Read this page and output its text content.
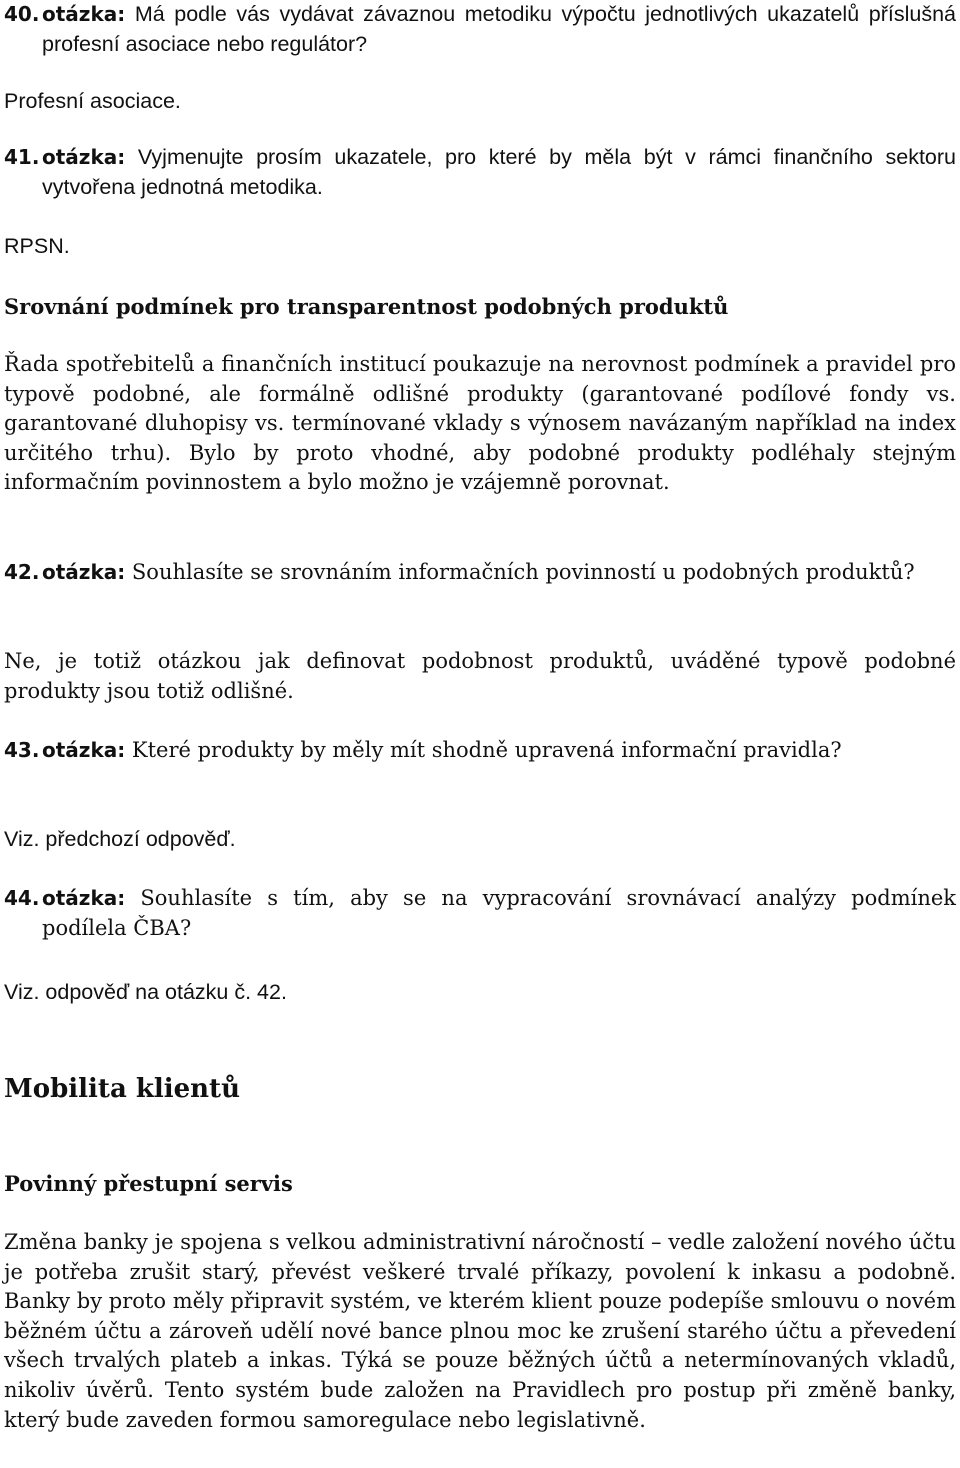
40. otázka: Má podle vás vydávat závaznou metodiku výpočtu jednotlivých ukazatelů příslušná profesní asociace nebo regulátor?
Profesní asociace.
41. otázka: Vyjmenujte prosím ukazatele, pro které by měla být v rámci finančního sektoru vytvořena jednotná metodika.
RPSN.
Srovnání podmínek pro transparentnost podobných produktů
Řada spotřebitelů a finančních institucí poukazuje na nerovnost podmínek a pravidel pro typově podobné, ale formálně odlišné produkty (garantované podílové fondy vs. garantované dluhopisy vs. termínované vklady s výnosem navázaným například na index určitého trhu). Bylo by proto vhodné, aby podobné produkty podléhaly stejným informačním povinnostem a bylo možno je vzájemně porovnat.
42. otázka: Souhlasíte se srovnáním informačních povinností u podobných produktů?
Ne, je totiž otázkou jak definovat podobnost produktů, uváděné typově podobné produkty jsou totiž odlišné.
43. otázka: Které produkty by měly mít shodně upravená informační pravidla?
Viz. předchozí odpověď.
44. otázka: Souhlasíte s tím, aby se na vypracování srovnávací analýzy podmínek podílela ČBA?
Viz. odpověď na otázku č. 42.
Mobilita klientů
Povinný přestupní servis
Změna banky je spojena s velkou administrativní náročností – vedle založení nového účtu je potřeba zrušit starý, převést veškeré trvalé příkazy, povolení k inkasu a podobně. Banky by proto měly připravit systém, ve kterém klient pouze podepíše smlouvu o novém běžném účtu a zároveň udělí nové bance plnou moc ke zrušení starého účtu a převedení všech trvalých plateb a inkas. Týká se pouze běžných účtů a netermínovaných vkladů, nikoliv úvěrů. Tento systém bude založen na Pravidlech pro postup při změně banky, který bude zaveden formou samoregulace nebo legislativně.
